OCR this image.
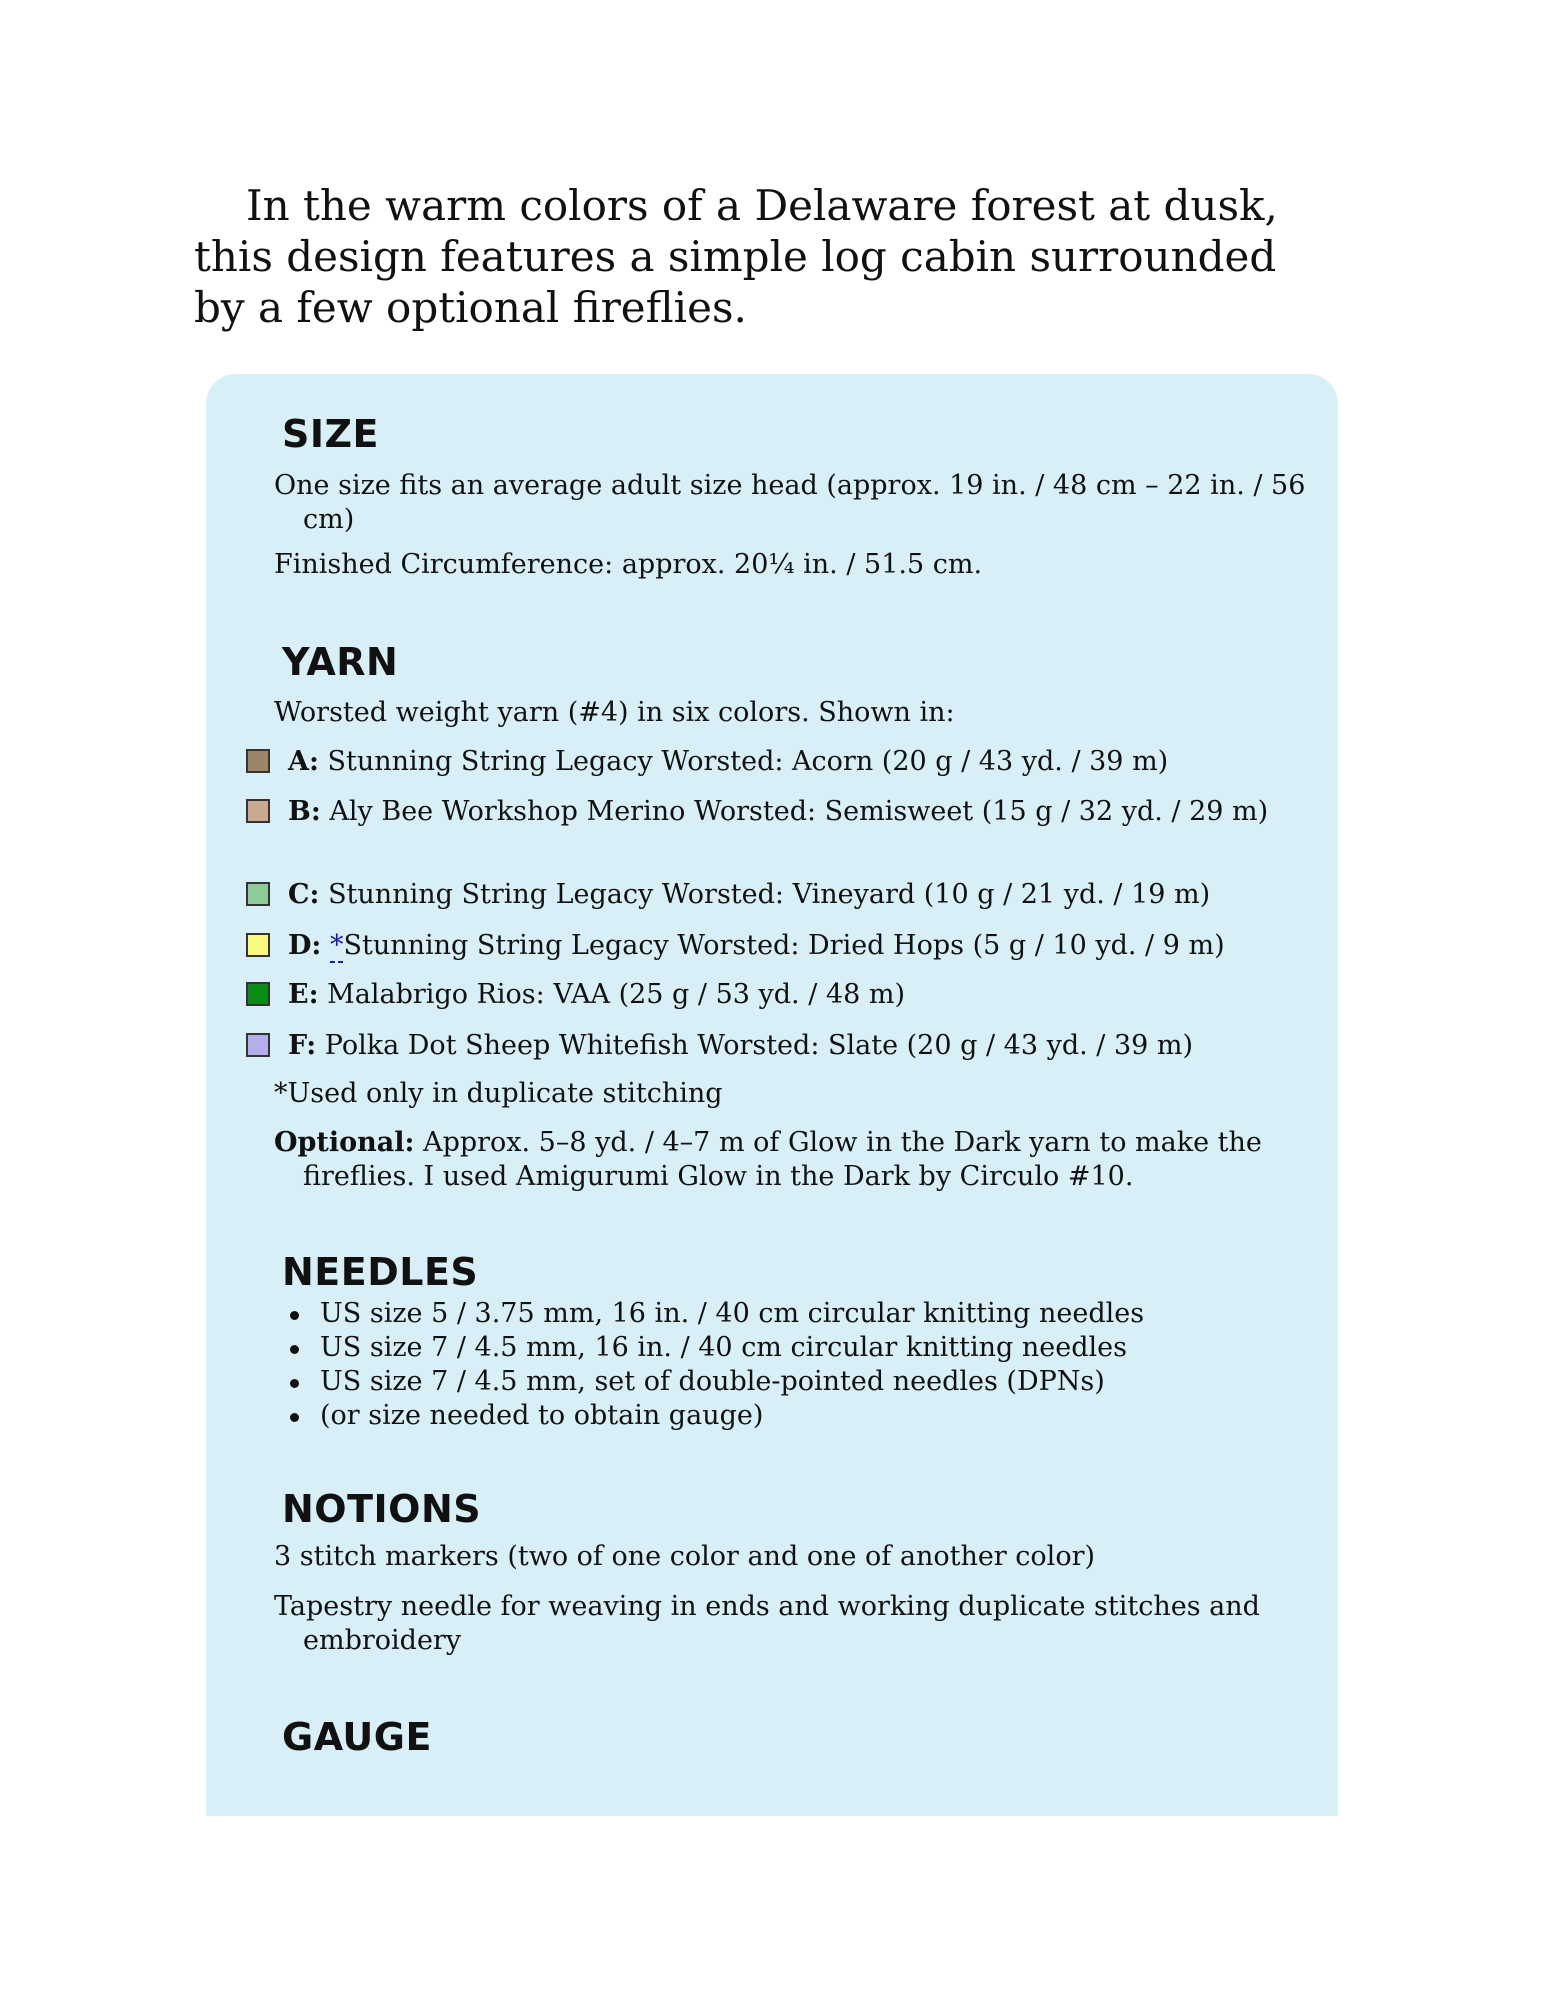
In the warm colors of a Delaware forest at dusk, this design features a simple log cabin surrounded by a few optional fireflies.

SIZE

One size fits an average adult size head (approx. 19 in. / 48 cm – 22 in. / 56 cm)

Finished Circumference: approx. 20¼ in. / 51.5 cm.

YARN

Worsted weight yarn (#4) in six colors. Shown in:

A: Stunning String Legacy Worsted: Acorn (20 g / 43 yd. / 39 m)
B: Aly Bee Workshop Merino Worsted: Semisweet (15 g / 32 yd. / 29 m)
C: Stunning String Legacy Worsted: Vineyard (10 g / 21 yd. / 19 m)
D: *Stunning String Legacy Worsted: Dried Hops (5 g / 10 yd. / 9 m)
E: Malabrigo Rios: VAA (25 g / 53 yd. / 48 m)
F: Polka Dot Sheep Whitefish Worsted: Slate (20 g / 43 yd. / 39 m)

*Used only in duplicate stitching

Optional: Approx. 5–8 yd. / 4–7 m of Glow in the Dark yarn to make the fireflies. I used Amigurumi Glow in the Dark by Circulo #10.

NEEDLES
US size 5 / 3.75 mm, 16 in. / 40 cm circular knitting needles
US size 7 / 4.5 mm, 16 in. / 40 cm circular knitting needles
US size 7 / 4.5 mm, set of double-pointed needles (DPNs)
(or size needed to obtain gauge)
NOTIONS

3 stitch markers (two of one color and one of another color)

Tapestry needle for weaving in ends and working duplicate stitches and embroidery

GAUGE
